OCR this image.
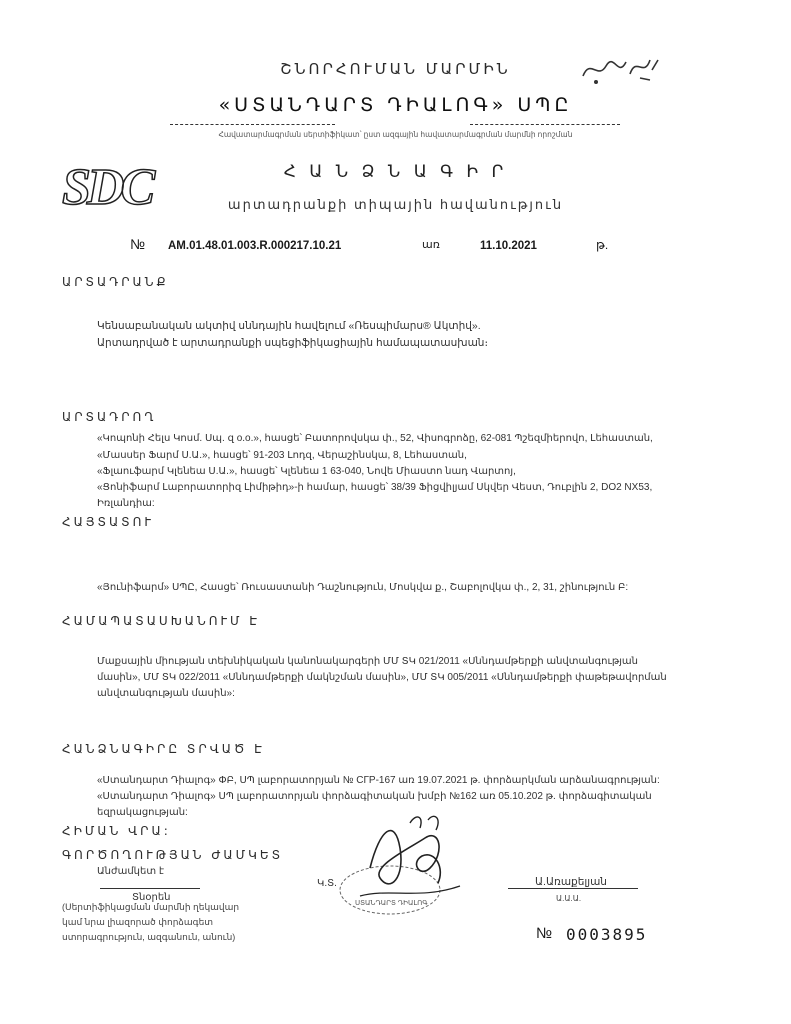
ՇՆՈՐՀՈՒՄԱՆ ՄԱՐՄԻՆ
«ՍՏԱՆԴԱՐՏ ԴԻԱԼՈԳ» ՍՊԸ
Հավատարմագրման սերտիֆիկատ՝ ըստ ազգային հավատարմագրման մարմնի որոշման
SDC	Հ Ա Ն Ձ Ն Ա Գ Ի Ր
արտադրանքի տիպային հավանություն
№ AM.01.48.01.003.R.000217.10.21	առ	11.10.2021	թ.
ԱՐՏԱԴՐԱՆՔ
Կենսաբանական ակտիվ սննդային հավելում «Ռեսպիմարս® Ակտիվ».
Արտադրված է արտադրանքի սպեցիֆիկացիային համապատասխան։
ԱՐՏԱԴՐՈՂ
«Կոպոնի Հելս Կոսմ. Սպ. զ o.o.», հասցե՝ Բատորովսկա փ., 52, Վիսոգրոձը, 62-081 Պշեզմիերովո, Լեհաստան,
«Մասսեր Ֆարմ Ս.Ա.», հասցե՝ 91-203 Լոդզ, Վերաշինսկա, 8, Լեհաստան,
«Ֆլաուֆարմ Կլենեա Ս.Ա.», հասցե՝ Կլենեա 1 63-040, Նովե Միաստո նադ Վարտոյ,
«Ցոնիֆարմ Լաբորատորիզ Լիմիթիդ»-ի համար, հասցե՝ 38/39 Ֆիցվիլյամ Սկվեր Վեստ, Դուբլին 2, DO2 NX53,
Իռլանդիա:
ՀԱՅՏԱՏՈՒ
«Յունիֆարմ» ՍՊԸ, Հասցե՝ Ռուսաստանի Դաշնություն, Մոսկվա ք., Շաբոլովկա փ., 2, 31, շինություն Բ:
ՀԱՄԱՊԱՏԱՍԽԱՆՈՒՄ Է
Մաքսային միության տեխնիկական կանոնակարգերի ՄՄ ՏԿ 021/2011 «Սննդամթերքի անվտանգության
մասին», ՄՄ ՏԿ 022/2011 «Սննդամթերքի մակնշման մասին», ՄՄ ՏԿ 005/2011 «Սննդամթերքի փաթեթավորման
անվտանգության մասին»:
ՀԱՆՁՆԱԳԻՐԸ ՏՐՎԱԾ Է
«Ստանդարտ Դիալոգ» ՓԲ, ՍՊ լաբորատորյան № СГР-167 առ 19.07.2021 թ. փորձարկման արձանագրության:
«Ստանդարտ Դիալոգ» ՍՊ լաբորատորյան փորձագիտական խմբի №162 առ 05.10.202 թ. փորձագիտական
եզրակացության:
ՀԻՄԱՆ ՎՐԱ:
ԳՈՐԾՈՂՈՒԹՅԱՆ ԺԱՄԿԵՏ
Անժամկետ է
Տնօրեն
Կ.Տ.
ՍՏԱՆԴԱՐՏ ԴԻԱԼՈԳ
Ա.Առաքելյան
Ա.Ա.Ա.
(Սերտիֆիկացման մարմնի ղեկավար
կամ նրա լիազորած փորձագետ
ստորագրություն, ազգանուն, անուն)	№ 0003895
